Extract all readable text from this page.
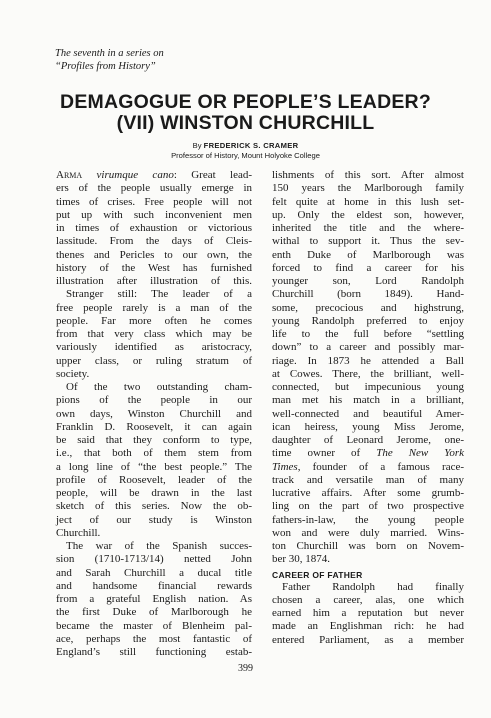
The seventh in a series on
“Profiles from History”
DEMAGOGUE OR PEOPLE’S LEADER?
(VII) WINSTON CHURCHILL
By FREDERICK S. CRAMER
Professor of History, Mount Holyoke College
Arma virumque cano: Great lead-
ers of the people usually emerge in
times of crises. Free people will not
put up with such inconvenient men
in times of exhaustion or victorious
lassitude. From the days of Cleis-
thenes and Pericles to our own, the
history of the West has furnished
illustration after illustration of this.
Stranger still: The leader of a
free people rarely is a man of the
people. Far more often he comes
from that very class which may be
variously identified as aristocracy,
upper class, or ruling stratum of
society.
Of the two outstanding cham-
pions of the people in our
own days, Winston Churchill and
Franklin D. Roosevelt, it can again
be said that they conform to type,
i.e., that both of them stem from
a long line of “the best people.” The
profile of Roosevelt, leader of the
people, will be drawn in the last
sketch of this series. Now the ob-
ject of our study is Winston
Churchill.
The war of the Spanish succes-
sion (1710-1713/14) netted John
and Sarah Churchill a ducal title
and handsome financial rewards
from a grateful English nation. As
the first Duke of Marlborough he
became the master of Blenheim pal-
ace, perhaps the most fantastic of
England’s still functioning estab-
lishments of this sort. After almost
150 years the Marlborough family
felt quite at home in this lush set-
up. Only the eldest son, however,
inherited the title and the where-
withal to support it. Thus the sev-
enth Duke of Marlborough was
forced to find a career for his
younger son, Lord Randolph
Churchill (born 1849). Hand-
some, precocious and highstrung,
young Randolph preferred to enjoy
life to the full before “settling
down” to a career and possibly mar-
riage. In 1873 he attended a Ball
at Cowes. There, the brilliant, well-
connected, but impecunious young
man met his match in a brilliant,
well-connected and beautiful Amer-
ican heiress, young Miss Jerome,
daughter of Leonard Jerome, one-
time owner of The New York
Times, founder of a famous race-
track and versatile man of many
lucrative affairs. After some grumb-
ling on the part of two prospective
fathers-in-law, the young people
won and were duly married. Wins-
ton Churchill was born on Novem-
ber 30, 1874.
CAREER OF FATHER
Father Randolph had finally
chosen a career, alas, one which
earned him a reputation but never
made an Englishman rich: he had
entered Parliament, as a member
399
